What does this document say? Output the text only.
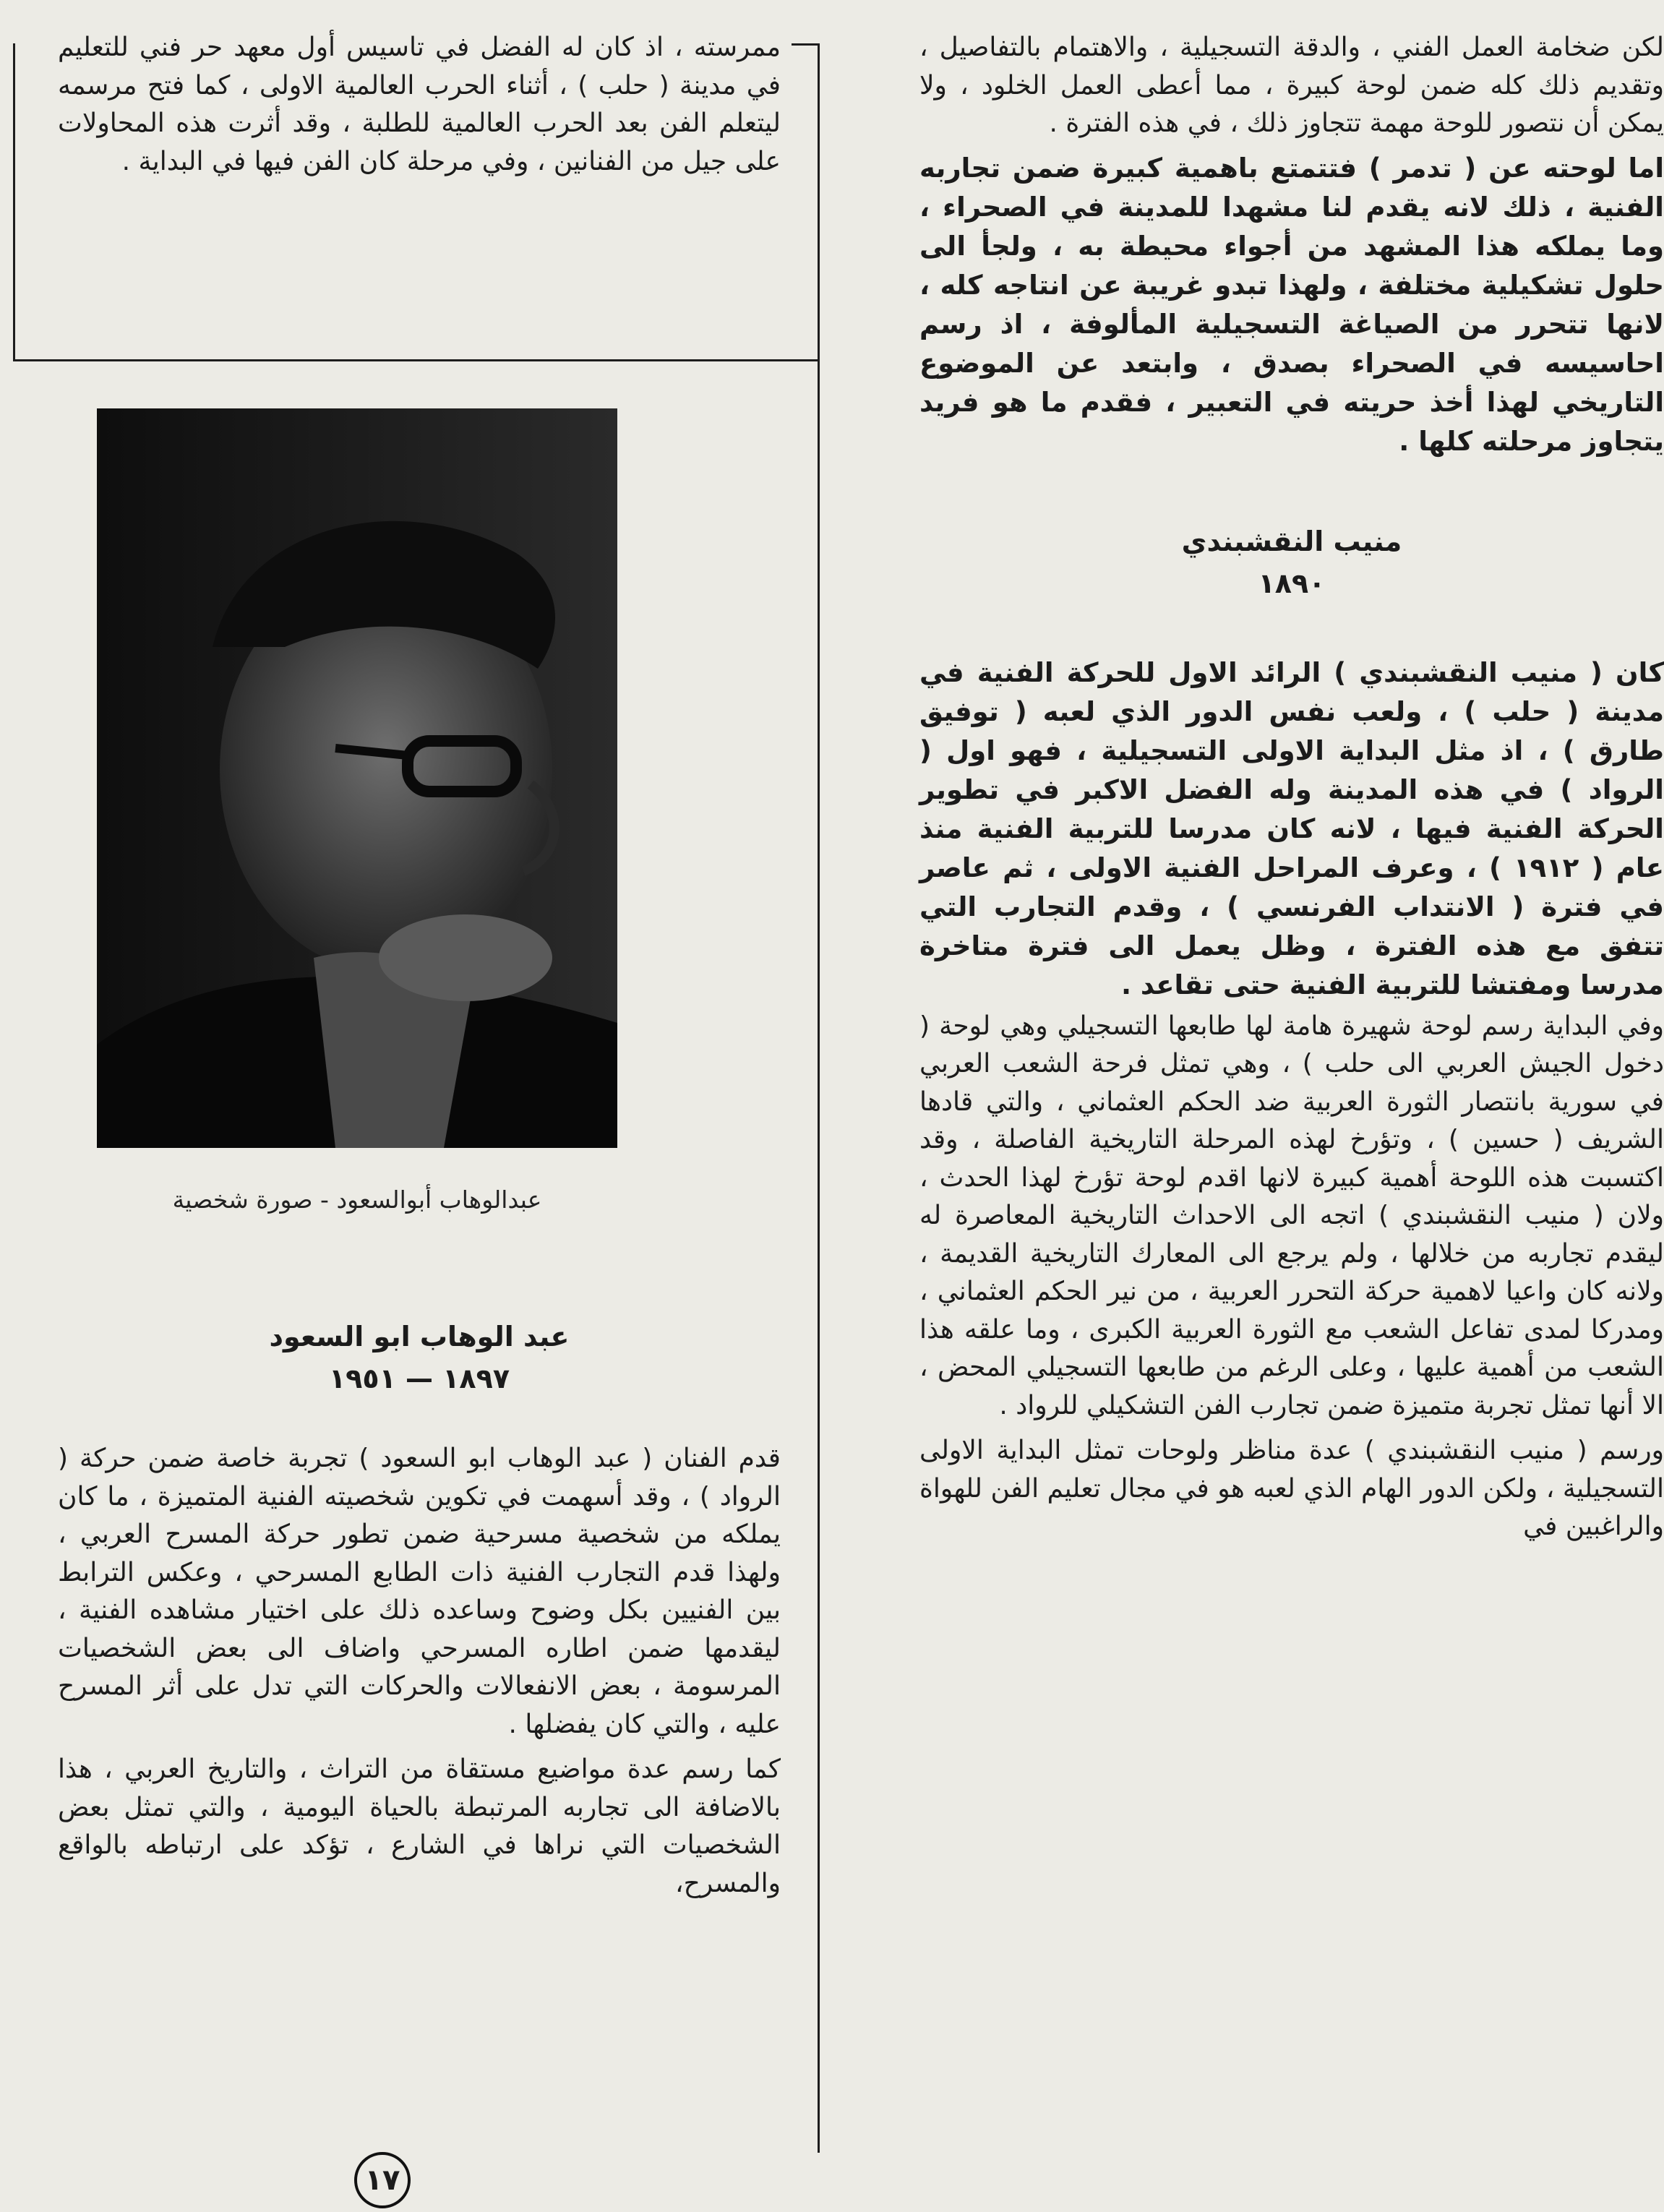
لكن ضخامة العمل الفني ، والدقة التسجيلية ، والاهتمام بالتفاصيل ، وتقديم ذلك كله ضمن لوحة كبيرة ، مما أعطى العمل الخلود ، ولا يمكن أن نتصور للوحة مهمة تتجاوز ذلك ، في هذه الفترة .

اما لوحته عن ( تدمر ) فتتمتع باهمية كبيرة ضمن تجاربه الفنية ، ذلك لانه يقدم لنا مشهدا للمدينة في الصحراء ، وما يملكه هذا المشهد من أجواء محيطة به ، ولجأ الى حلول تشكيلية مختلفة ، ولهذا تبدو غريبة عن انتاجه كله ، لانها تتحرر من الصياغة التسجيلية المألوفة ، اذ رسم احاسيسه في الصحراء بصدق ، وابتعد عن الموضوع التاريخي لهذا أخذ حريته في التعبير ، فقدم ما هو فريد يتجاوز مرحلته كلها .

منيب النقشبندي
١٨٩٠

كان ( منيب النقشبندي ) الرائد الاول للحركة الفنية في مدينة ( حلب ) ، ولعب نفس الدور الذي لعبه ( توفيق طارق ) ، اذ مثل البداية الاولى التسجيلية ، فهو اول ( الرواد ) في هذه المدينة وله الفضل الاكبر في تطوير الحركة الفنية فيها ، لانه كان مدرسا للتربية الفنية منذ عام ( ١٩١٢ ) ، وعرف المراحل الفنية الاولى ، ثم عاصر في فترة ( الانتداب الفرنسي ) ، وقدم التجارب التي تتفق مع هذه الفترة ، وظل يعمل الى فترة متاخرة مدرسا ومفتشا للتربية الفنية حتى تقاعد .

وفي البداية رسم لوحة شهيرة هامة لها طابعها التسجيلي وهي لوحة ( دخول الجيش العربي الى حلب ) ، وهي تمثل فرحة الشعب العربي في سورية بانتصار الثورة العربية ضد الحكم العثماني ، والتي قادها الشريف ( حسين ) ، وتؤرخ لهذه المرحلة التاريخية الفاصلة ، وقد اكتسبت هذه اللوحة أهمية كبيرة لانها اقدم لوحة تؤرخ لهذا الحدث ، ولان ( منيب النقشبندي ) اتجه الى الاحداث التاريخية المعاصرة له ليقدم تجاربه من خلالها ، ولم يرجع الى المعارك التاريخية القديمة ، ولانه كان واعيا لاهمية حركة التحرر العربية ، من نير الحكم العثماني ، ومدركا لمدى تفاعل الشعب مع الثورة العربية الكبرى ، وما علقه هذا الشعب من أهمية عليها ، وعلى الرغم من طابعها التسجيلي المحض ، الا أنها تمثل تجربة متميزة ضمن تجارب الفن التشكيلي للرواد .

ورسم ( منيب النقشبندي ) عدة مناظر ولوحات تمثل البداية الاولى التسجيلية ، ولكن الدور الهام الذي لعبه هو في مجال تعليم الفن للهواة والراغبين في

ممرسته ، اذ كان له الفضل في تاسيس أول معهد حر فني للتعليم في مدينة ( حلب ) ، أثناء الحرب العالمية الاولى ، كما فتح مرسمه ليتعلم الفن بعد الحرب العالمية للطلبة ، وقد أثرت هذه المحاولات على جيل من الفنانين ، وفي مرحلة كان الفن فيها في البداية .

عبدالوهاب أبوالسعود - صورة شخصية
عبد الوهاب ابو السعود
١٨٩٧ — ١٩٥١

قدم الفنان ( عبد الوهاب ابو السعود ) تجربة خاصة ضمن حركة ( الرواد ) ، وقد أسهمت في تكوين شخصيته الفنية المتميزة ، ما كان يملكه من شخصية مسرحية ضمن تطور حركة المسرح العربي ، ولهذا قدم التجارب الفنية ذات الطابع المسرحي ، وعكس الترابط بين الفنيين بكل وضوح وساعده ذلك على اختيار مشاهده الفنية ، ليقدمها ضمن اطاره المسرحي واضاف الى بعض الشخصيات المرسومة ، بعض الانفعالات والحركات التي تدل على أثر المسرح عليه ، والتي كان يفضلها .

كما رسم عدة مواضيع مستقاة من التراث ، والتاريخ العربي ، هذا بالاضافة الى تجاربه المرتبطة بالحياة اليومية ، والتي تمثل بعض الشخصيات التي نراها في الشارع ، تؤكد على ارتباطه بالواقع والمسرح،

١٧
